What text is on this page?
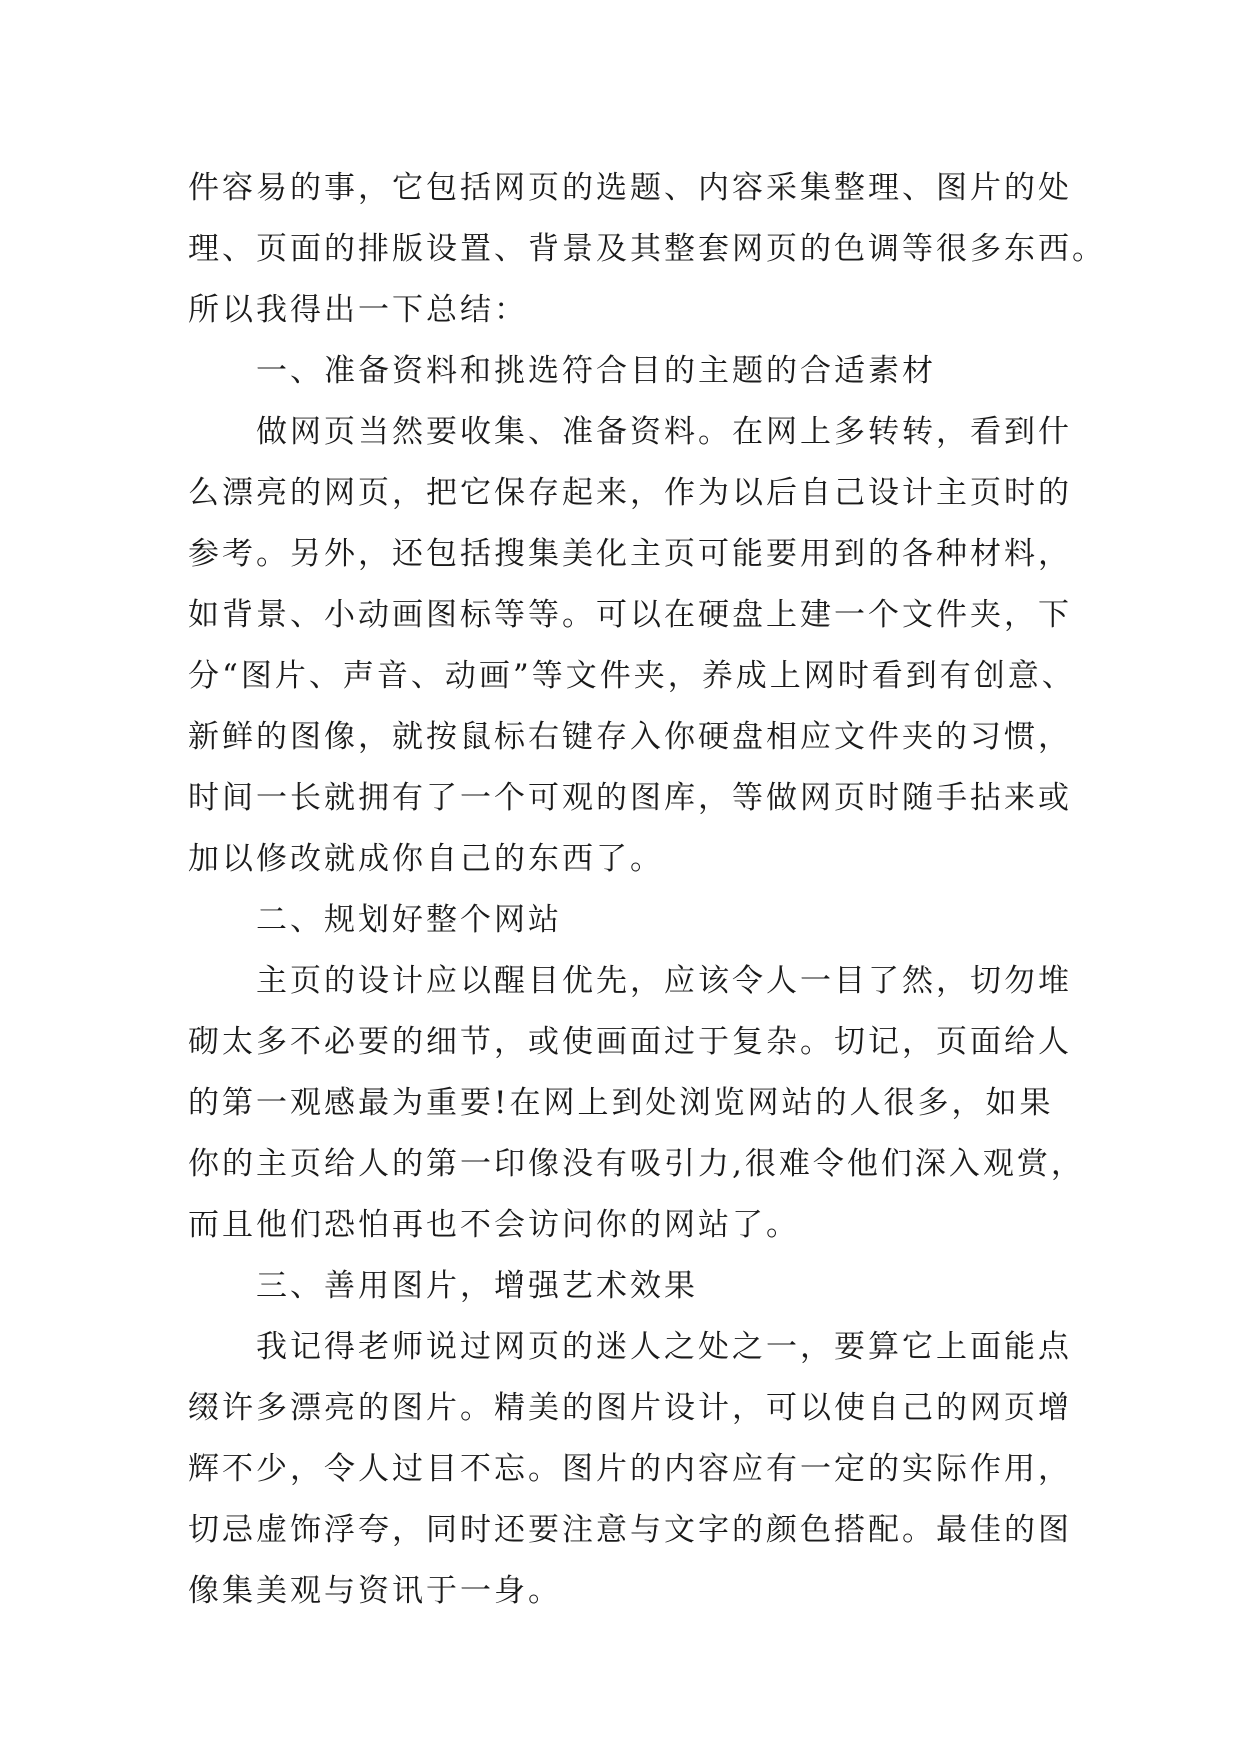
件容易的事，它包括网页的选题、内容采集整理、图片的处
理、页面的排版设置、背景及其整套网页的色调等很多东西。
所以我得出一下总结：
一、准备资料和挑选符合目的主题的合适素材
做网页当然要收集、准备资料。在网上多转转，看到什
么漂亮的网页，把它保存起来，作为以后自己设计主页时的
参考。另外，还包括搜集美化主页可能要用到的各种材料，
如背景、小动画图标等等。可以在硬盘上建一个文件夹，下
分“图片、声音、动画”等文件夹，养成上网时看到有创意、
新鲜的图像，就按鼠标右键存入你硬盘相应文件夹的习惯，
时间一长就拥有了一个可观的图库，等做网页时随手拈来或
加以修改就成你自己的东西了。
二、规划好整个网站
主页的设计应以醒目优先，应该令人一目了然，切勿堆
砌太多不必要的细节，或使画面过于复杂。切记，页面给人
的第一观感最为重要!在网上到处浏览网站的人很多，如果
你的主页给人的第一印像没有吸引力,很难令他们深入观赏，
而且他们恐怕再也不会访问你的网站了。
三、善用图片，增强艺术效果
我记得老师说过网页的迷人之处之一，要算它上面能点
缀许多漂亮的图片。精美的图片设计，可以使自己的网页增
辉不少，令人过目不忘。图片的内容应有一定的实际作用，
切忌虚饰浮夸，同时还要注意与文字的颜色搭配。最佳的图
像集美观与资讯于一身。
